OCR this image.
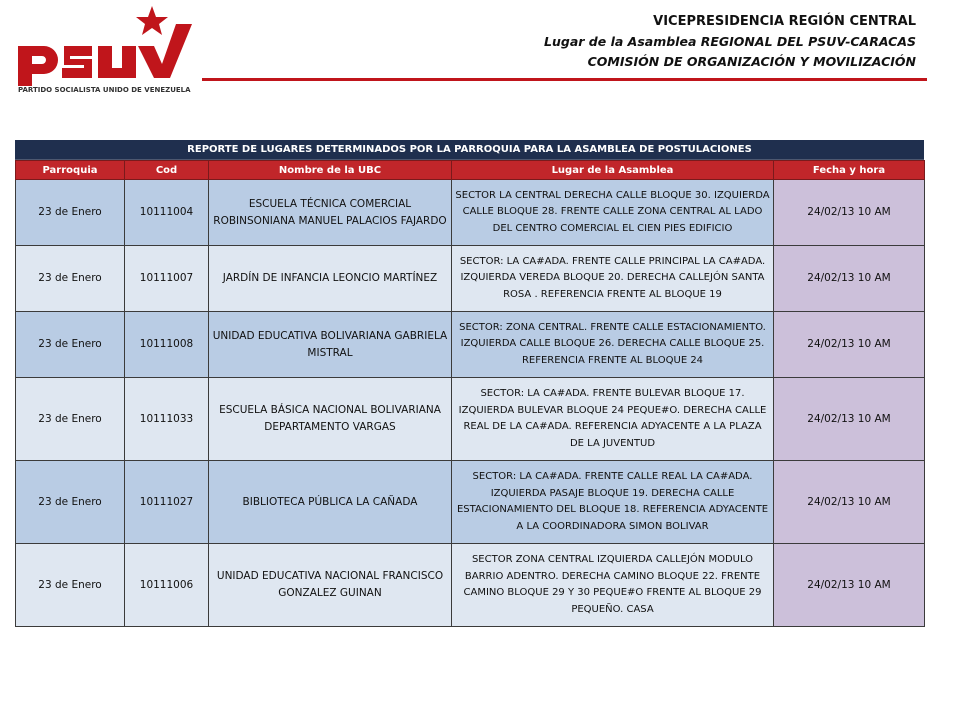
PARTIDO SOCIALISTA UNIDO DE VENEZUELA
VICEPRESIDENCIA REGIÓN CENTRAL
Lugar de la Asamblea REGIONAL DEL PSUV-CARACAS
COMISIÓN DE ORGANIZACIÓN Y MOVILIZACIÓN
REPORTE DE LUGARES DETERMINADOS POR LA PARROQUIA PARA LA ASAMBLEA DE POSTULACIONES
Parroquia	Cod	Nombre de la UBC	Lugar de la Asamblea	Fecha y hora
23 de Enero	10111004	ESCUELA TÉCNICA COMERCIAL ROBINSONIANA MANUEL PALACIOS FAJARDO	SECTOR LA CENTRAL DERECHA CALLE BLOQUE 30. IZQUIERDA CALLE BLOQUE 28. FRENTE CALLE ZONA CENTRAL AL LADO DEL CENTRO COMERCIAL EL CIEN PIES EDIFICIO	24/02/13 10 AM
23 de Enero	10111007	JARDÍN DE INFANCIA LEONCIO MARTÍNEZ	SECTOR: LA CA#ADA. FRENTE CALLE PRINCIPAL LA CA#ADA. IZQUIERDA VEREDA BLOQUE 20. DERECHA CALLEJÓN SANTA ROSA . REFERENCIA FRENTE AL BLOQUE 19	24/02/13 10 AM
23 de Enero	10111008	UNIDAD EDUCATIVA BOLIVARIANA GABRIELA MISTRAL	SECTOR: ZONA CENTRAL. FRENTE CALLE ESTACIONAMIENTO. IZQUIERDA CALLE BLOQUE 26. DERECHA CALLE BLOQUE 25. REFERENCIA FRENTE AL BLOQUE 24	24/02/13 10 AM
23 de Enero	10111033	ESCUELA BÁSICA NACIONAL BOLIVARIANA DEPARTAMENTO VARGAS	SECTOR: LA CA#ADA. FRENTE BULEVAR BLOQUE 17. IZQUIERDA BULEVAR BLOQUE 24 PEQUE#O. DERECHA CALLE REAL DE LA CA#ADA. REFERENCIA ADYACENTE A LA PLAZA DE LA JUVENTUD	24/02/13 10 AM
23 de Enero	10111027	BIBLIOTECA PÚBLICA LA CAÑADA	SECTOR: LA CA#ADA. FRENTE CALLE REAL LA CA#ADA. IZQUIERDA PASAJE BLOQUE 19. DERECHA CALLE ESTACIONAMIENTO DEL BLOQUE 18. REFERENCIA ADYACENTE A LA COORDINADORA SIMON BOLIVAR	24/02/13 10 AM
23 de Enero	10111006	UNIDAD EDUCATIVA NACIONAL FRANCISCO GONZALEZ GUINAN	SECTOR ZONA CENTRAL IZQUIERDA CALLEJÓN MODULO BARRIO ADENTRO. DERECHA CAMINO BLOQUE 22. FRENTE CAMINO BLOQUE 29 Y 30 PEQUE#O FRENTE AL BLOQUE 29 PEQUEÑO. CASA	24/02/13 10 AM
